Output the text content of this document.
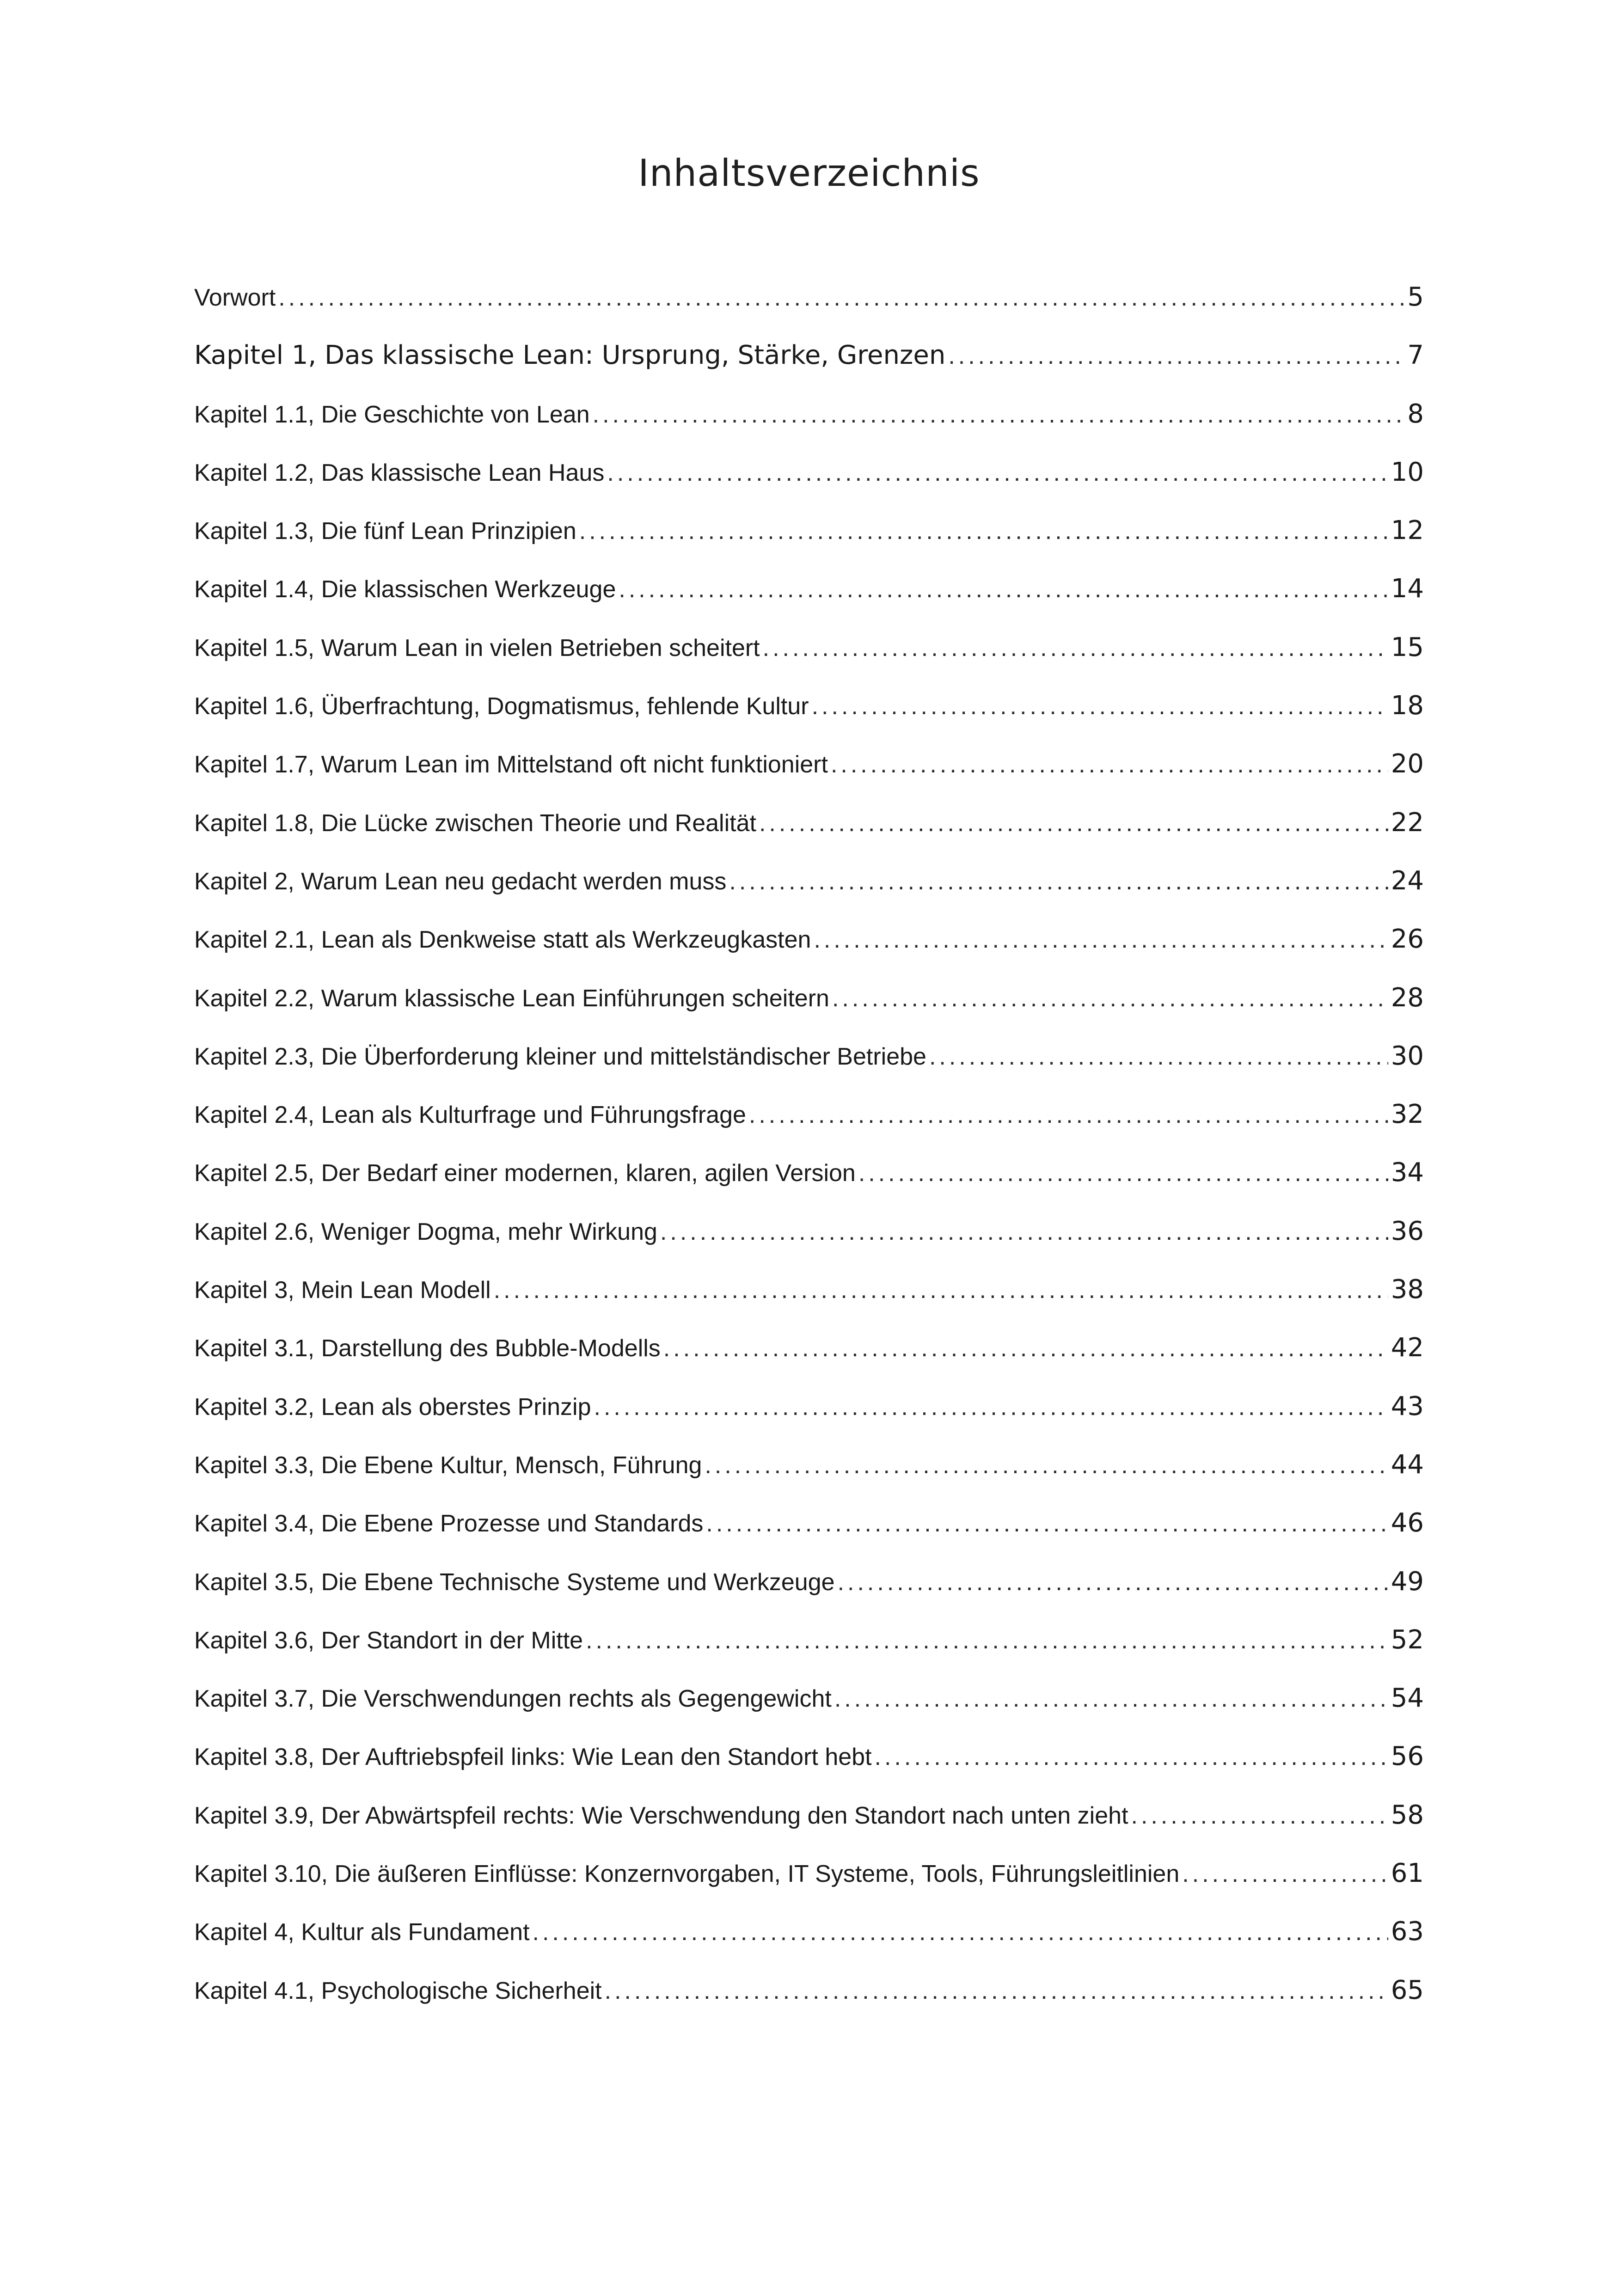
Inhaltsverzeichnis
Vorwort .....	5
Kapitel 1, Das klassische Lean: Ursprung, Stärke, Grenzen .....	7
Kapitel 1.1, Die Geschichte von Lean .....	8
Kapitel 1.2, Das klassische Lean Haus .....	10
Kapitel 1.3, Die fünf Lean Prinzipien .....	12
Kapitel 1.4, Die klassischen Werkzeuge .....	14
Kapitel 1.5, Warum Lean in vielen Betrieben scheitert .....	15
Kapitel 1.6, Überfrachtung, Dogmatismus, fehlende Kultur .....	18
Kapitel 1.7, Warum Lean im Mittelstand oft nicht funktioniert .....	20
Kapitel 1.8, Die Lücke zwischen Theorie und Realität .....	22
Kapitel 2, Warum Lean neu gedacht werden muss .....	24
Kapitel 2.1, Lean als Denkweise statt als Werkzeugkasten .....	26
Kapitel 2.2, Warum klassische Lean Einführungen scheitern .....	28
Kapitel 2.3, Die Überforderung kleiner und mittelständischer Betriebe .....	30
Kapitel 2.4, Lean als Kulturfrage und Führungsfrage .....	32
Kapitel 2.5, Der Bedarf einer modernen, klaren, agilen Version .....	34
Kapitel 2.6, Weniger Dogma, mehr Wirkung .....	36
Kapitel 3, Mein Lean Modell .....	38
Kapitel 3.1, Darstellung des Bubble-Modells .....	42
Kapitel 3.2, Lean als oberstes Prinzip .....	43
Kapitel 3.3, Die Ebene Kultur, Mensch, Führung .....	44
Kapitel 3.4, Die Ebene Prozesse und Standards .....	46
Kapitel 3.5, Die Ebene Technische Systeme und Werkzeuge .....	49
Kapitel 3.6, Der Standort in der Mitte .....	52
Kapitel 3.7, Die Verschwendungen rechts als Gegengewicht .....	54
Kapitel 3.8, Der Auftriebspfeil links: Wie Lean den Standort hebt .....	56
Kapitel 3.9, Der Abwärtspfeil rechts: Wie Verschwendung den Standort nach unten zieht .....	58
Kapitel 3.10, Die äußeren Einflüsse: Konzernvorgaben, IT Systeme, Tools, Führungsleitlinien .....	61
Kapitel 4, Kultur als Fundament .....	63
Kapitel 4.1, Psychologische Sicherheit .....	65
